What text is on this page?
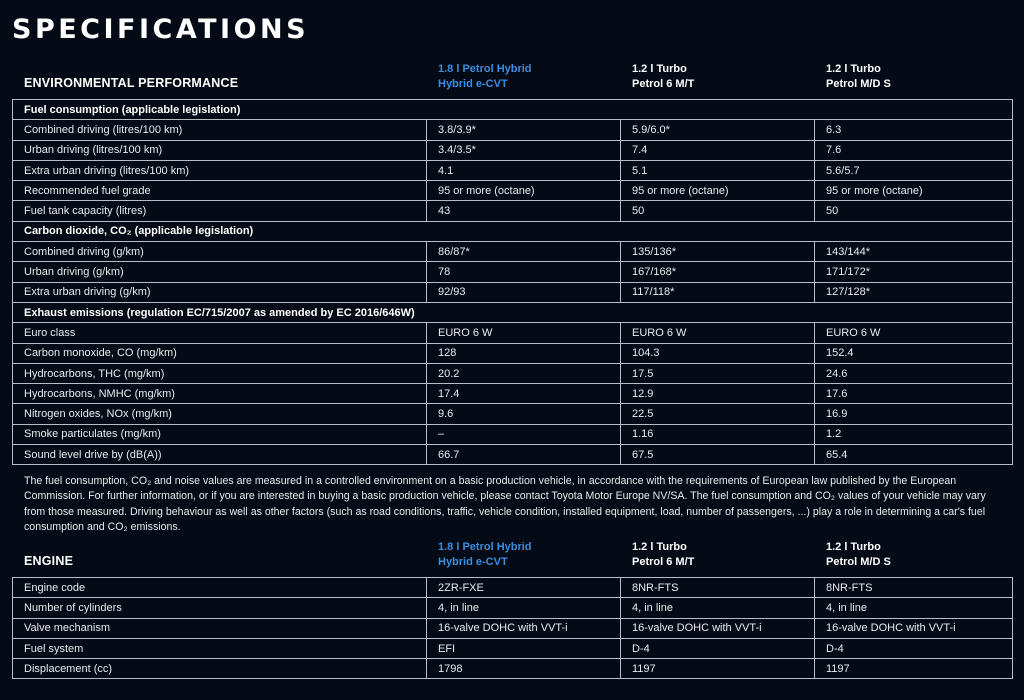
SPECIFICATIONS
ENVIRONMENTAL PERFORMANCE
1.8 l Petrol Hybrid
Hybrid e-CVT
1.2 l Turbo
Petrol 6 M/T
1.2 l Turbo
Petrol M/D S
Fuel consumption (applicable legislation)			
Combined driving (litres/100 km)	3.8/3.9*	5.9/6.0*	6.3
Urban driving (litres/100 km)	3.4/3.5*	7.4	7.6
Extra urban driving (litres/100 km)	4.1	5.1	5.6/5.7
Recommended fuel grade	95 or more (octane)	95 or more (octane)	95 or more (octane)
Fuel tank capacity (litres)	43	50	50
Carbon dioxide, CO₂ (applicable legislation)			
Combined driving (g/km)	86/87*	135/136*	143/144*
Urban driving (g/km)	78	167/168*	171/172*
Extra urban driving (g/km)	92/93	117/118*	127/128*
Exhaust emissions (regulation EC/715/2007 as amended by EC 2016/646W)			
Euro class	EURO 6 W	EURO 6 W	EURO 6 W
Carbon monoxide, CO (mg/km)	128	104.3	152.4
Hydrocarbons, THC (mg/km)	20.2	17.5	24.6
Hydrocarbons, NMHC (mg/km)	17.4	12.9	17.6
Nitrogen oxides, NOx (mg/km)	9.6	22.5	16.9
Smoke particulates (mg/km)	–	1.16	1.2
Sound level drive by (dB(A))	66.7	67.5	65.4
The fuel consumption, CO₂ and noise values are measured in a controlled environment on a basic production vehicle, in accordance with the requirements of European law published by the European Commission. For further information, or if you are interested in buying a basic production vehicle, please contact Toyota Motor Europe NV/SA. The fuel consumption and CO₂ values of your vehicle may vary from those measured. Driving behaviour as well as other factors (such as road conditions, traffic, vehicle condition, installed equipment, load, number of passengers, ...) play a role in determining a car's fuel consumption and CO₂ emissions.
ENGINE
1.8 l Petrol Hybrid
Hybrid e-CVT
1.2 l Turbo
Petrol 6 M/T
1.2 l Turbo
Petrol M/D S
Engine code	2ZR-FXE	8NR-FTS	8NR-FTS
Number of cylinders	4, in line	4, in line	4, in line
Valve mechanism	16-valve DOHC with VVT-i	16-valve DOHC with VVT-i	16-valve DOHC with VVT-i
Fuel system	EFI	D-4	D-4
Displacement (cc)	1798	1197	1197
